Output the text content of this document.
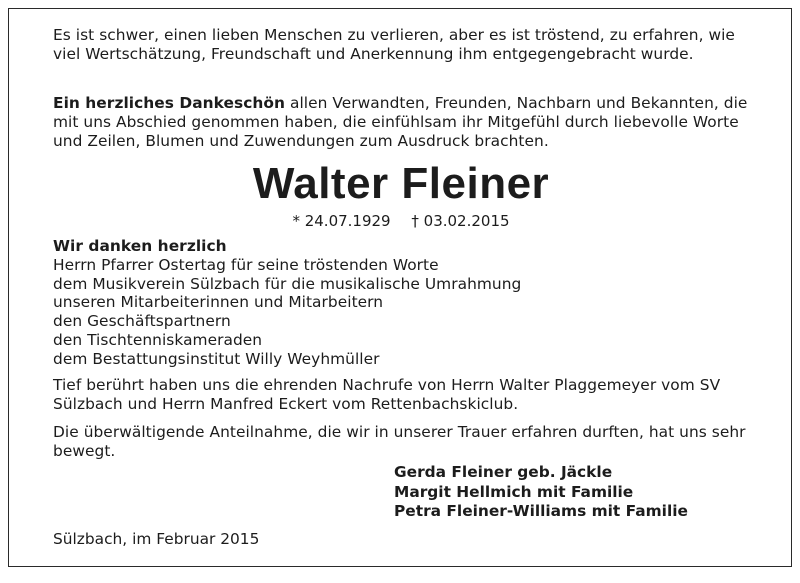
Es ist schwer, einen lieben Menschen zu verlieren, aber es ist tröstend, zu erfahren, wie viel Wertschätzung, Freundschaft und Anerkennung ihm entgegengebracht wurde.
Ein herzliches Dankeschön allen Verwandten, Freunden, Nachbarn und Bekannten, die mit uns Abschied genommen haben, die einfühlsam ihr Mitgefühl durch liebevolle Worte und Zeilen, Blumen und Zuwendungen zum Ausdruck brachten.
Walter Fleiner
* 24.07.1929 † 03.02.2015
Wir danken herzlich
Herrn Pfarrer Ostertag für seine tröstenden Worte
dem Musikverein Sülzbach für die musikalische Umrahmung
unseren Mitarbeiterinnen und Mitarbeitern
den Geschäftspartnern
den Tischtenniskameraden
dem Bestattungsinstitut Willy Weyhmüller
Tief berührt haben uns die ehrenden Nachrufe von Herrn Walter Plaggemeyer vom SV Sülzbach und Herrn Manfred Eckert vom Rettenbachskiclub.
Die überwältigende Anteilnahme, die wir in unserer Trauer erfahren durften, hat uns sehr bewegt.
Gerda Fleiner geb. Jäckle
Margit Hellmich mit Familie
Petra Fleiner-Williams mit Familie
Sülzbach, im Februar 2015
